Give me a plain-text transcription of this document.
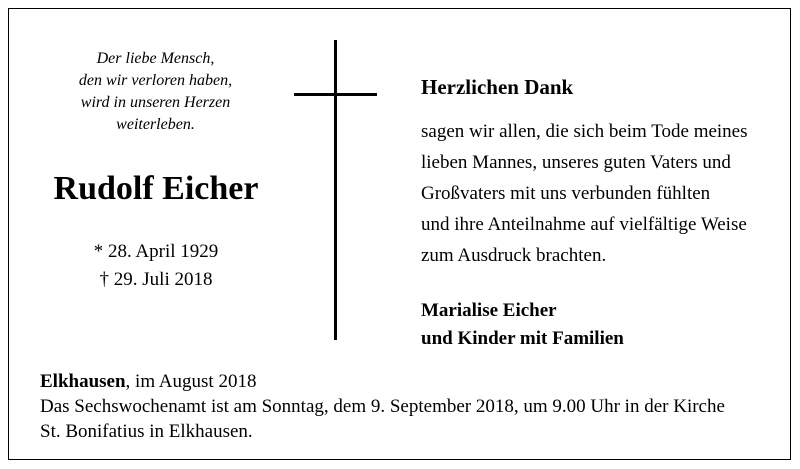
Der liebe Mensch,
den wir verloren haben,
wird in unseren Herzen
weiterleben.
Rudolf Eicher
* 28. April 1929
† 29. Juli 2018
Herzlichen Dank
sagen wir allen, die sich beim Tode meines
lieben Mannes, unseres guten Vaters und
Großvaters mit uns verbunden fühlten
und ihre Anteilnahme auf vielfältige Weise
zum Ausdruck brachten.
Marialise Eicher
und Kinder mit Familien
Elkhausen, im August 2018
Das Sechswochenamt ist am Sonntag, dem 9. September 2018, um 9.00 Uhr in der Kirche
St. Bonifatius in Elkhausen.
